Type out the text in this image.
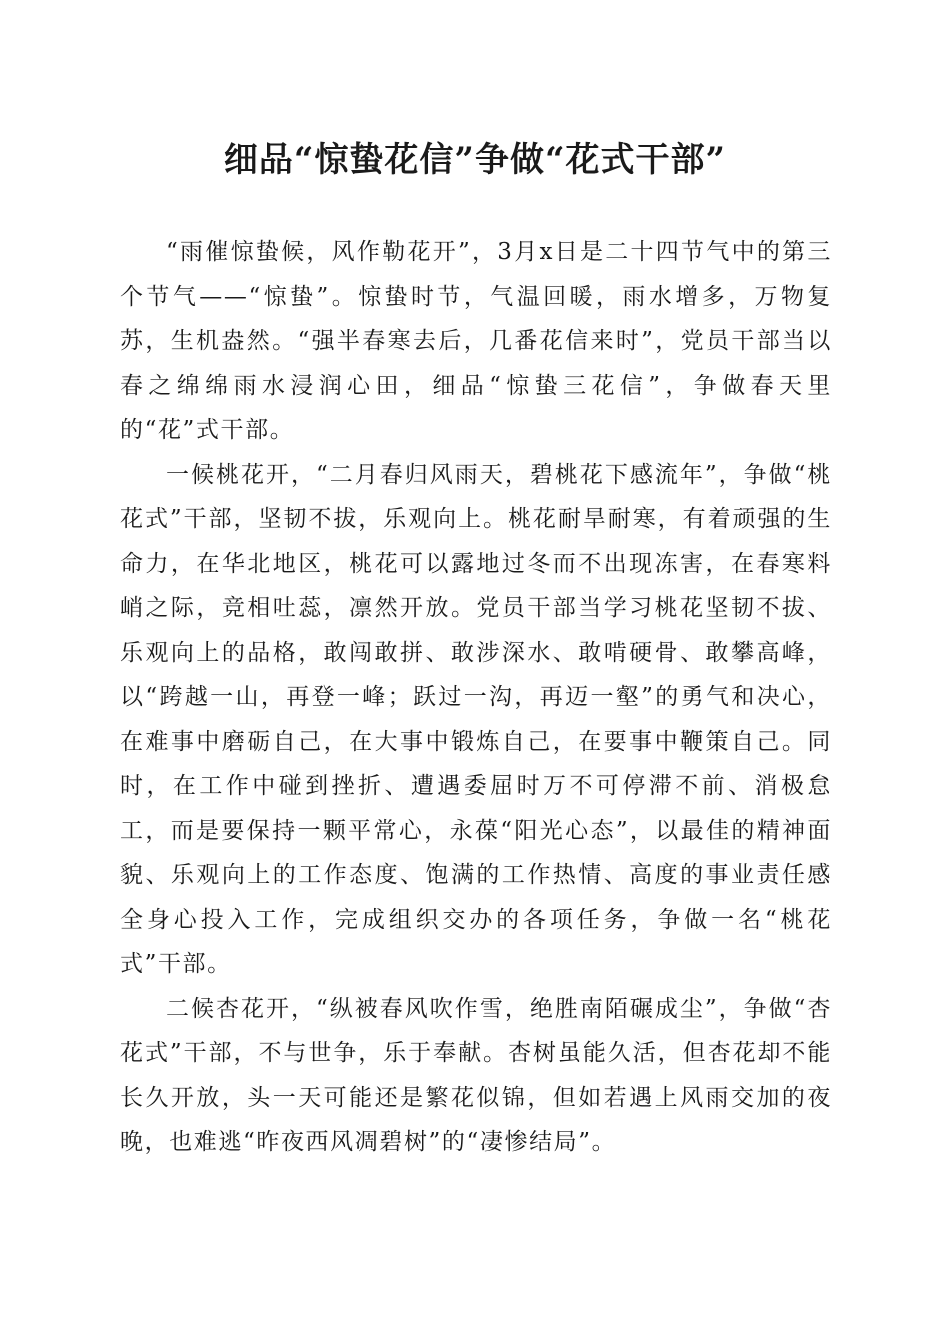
细品“惊蛰花信”争做“花式干部”

“雨催惊蛰候，风作勒花开”，3月x日是二十四节气中的第三个节气——“惊蛰”。惊蛰时节，气温回暖，雨水增多，万物复苏，生机盎然。“强半春寒去后，几番花信来时”，党员干部当以春之绵绵雨水浸润心田，细品“惊蛰三花信”，争做春天里的“花”式干部。

一候桃花开，“二月春归风雨天，碧桃花下感流年”，争做“桃花式”干部，坚韧不拔，乐观向上。桃花耐旱耐寒，有着顽强的生命力，在华北地区，桃花可以露地过冬而不出现冻害，在春寒料峭之际，竞相吐蕊，凛然开放。党员干部当学习桃花坚韧不拔、乐观向上的品格，敢闯敢拼、敢涉深水、敢啃硬骨、敢攀高峰，以“跨越一山，再登一峰；跃过一沟，再迈一壑”的勇气和决心，在难事中磨砺自己，在大事中锻炼自己，在要事中鞭策自己。同时，在工作中碰到挫折、遭遇委屈时万不可停滞不前、消极怠工，而是要保持一颗平常心，永葆“阳光心态”，以最佳的精神面貌、乐观向上的工作态度、饱满的工作热情、高度的事业责任感全身心投入工作，完成组织交办的各项任务，争做一名“桃花式”干部。

二候杏花开，“纵被春风吹作雪，绝胜南陌碾成尘”，争做“杏花式”干部，不与世争，乐于奉献。杏树虽能久活，但杏花却不能长久开放，头一天可能还是繁花似锦，但如若遇上风雨交加的夜晚，也难逃“昨夜西风凋碧树”的“凄惨结局”。
